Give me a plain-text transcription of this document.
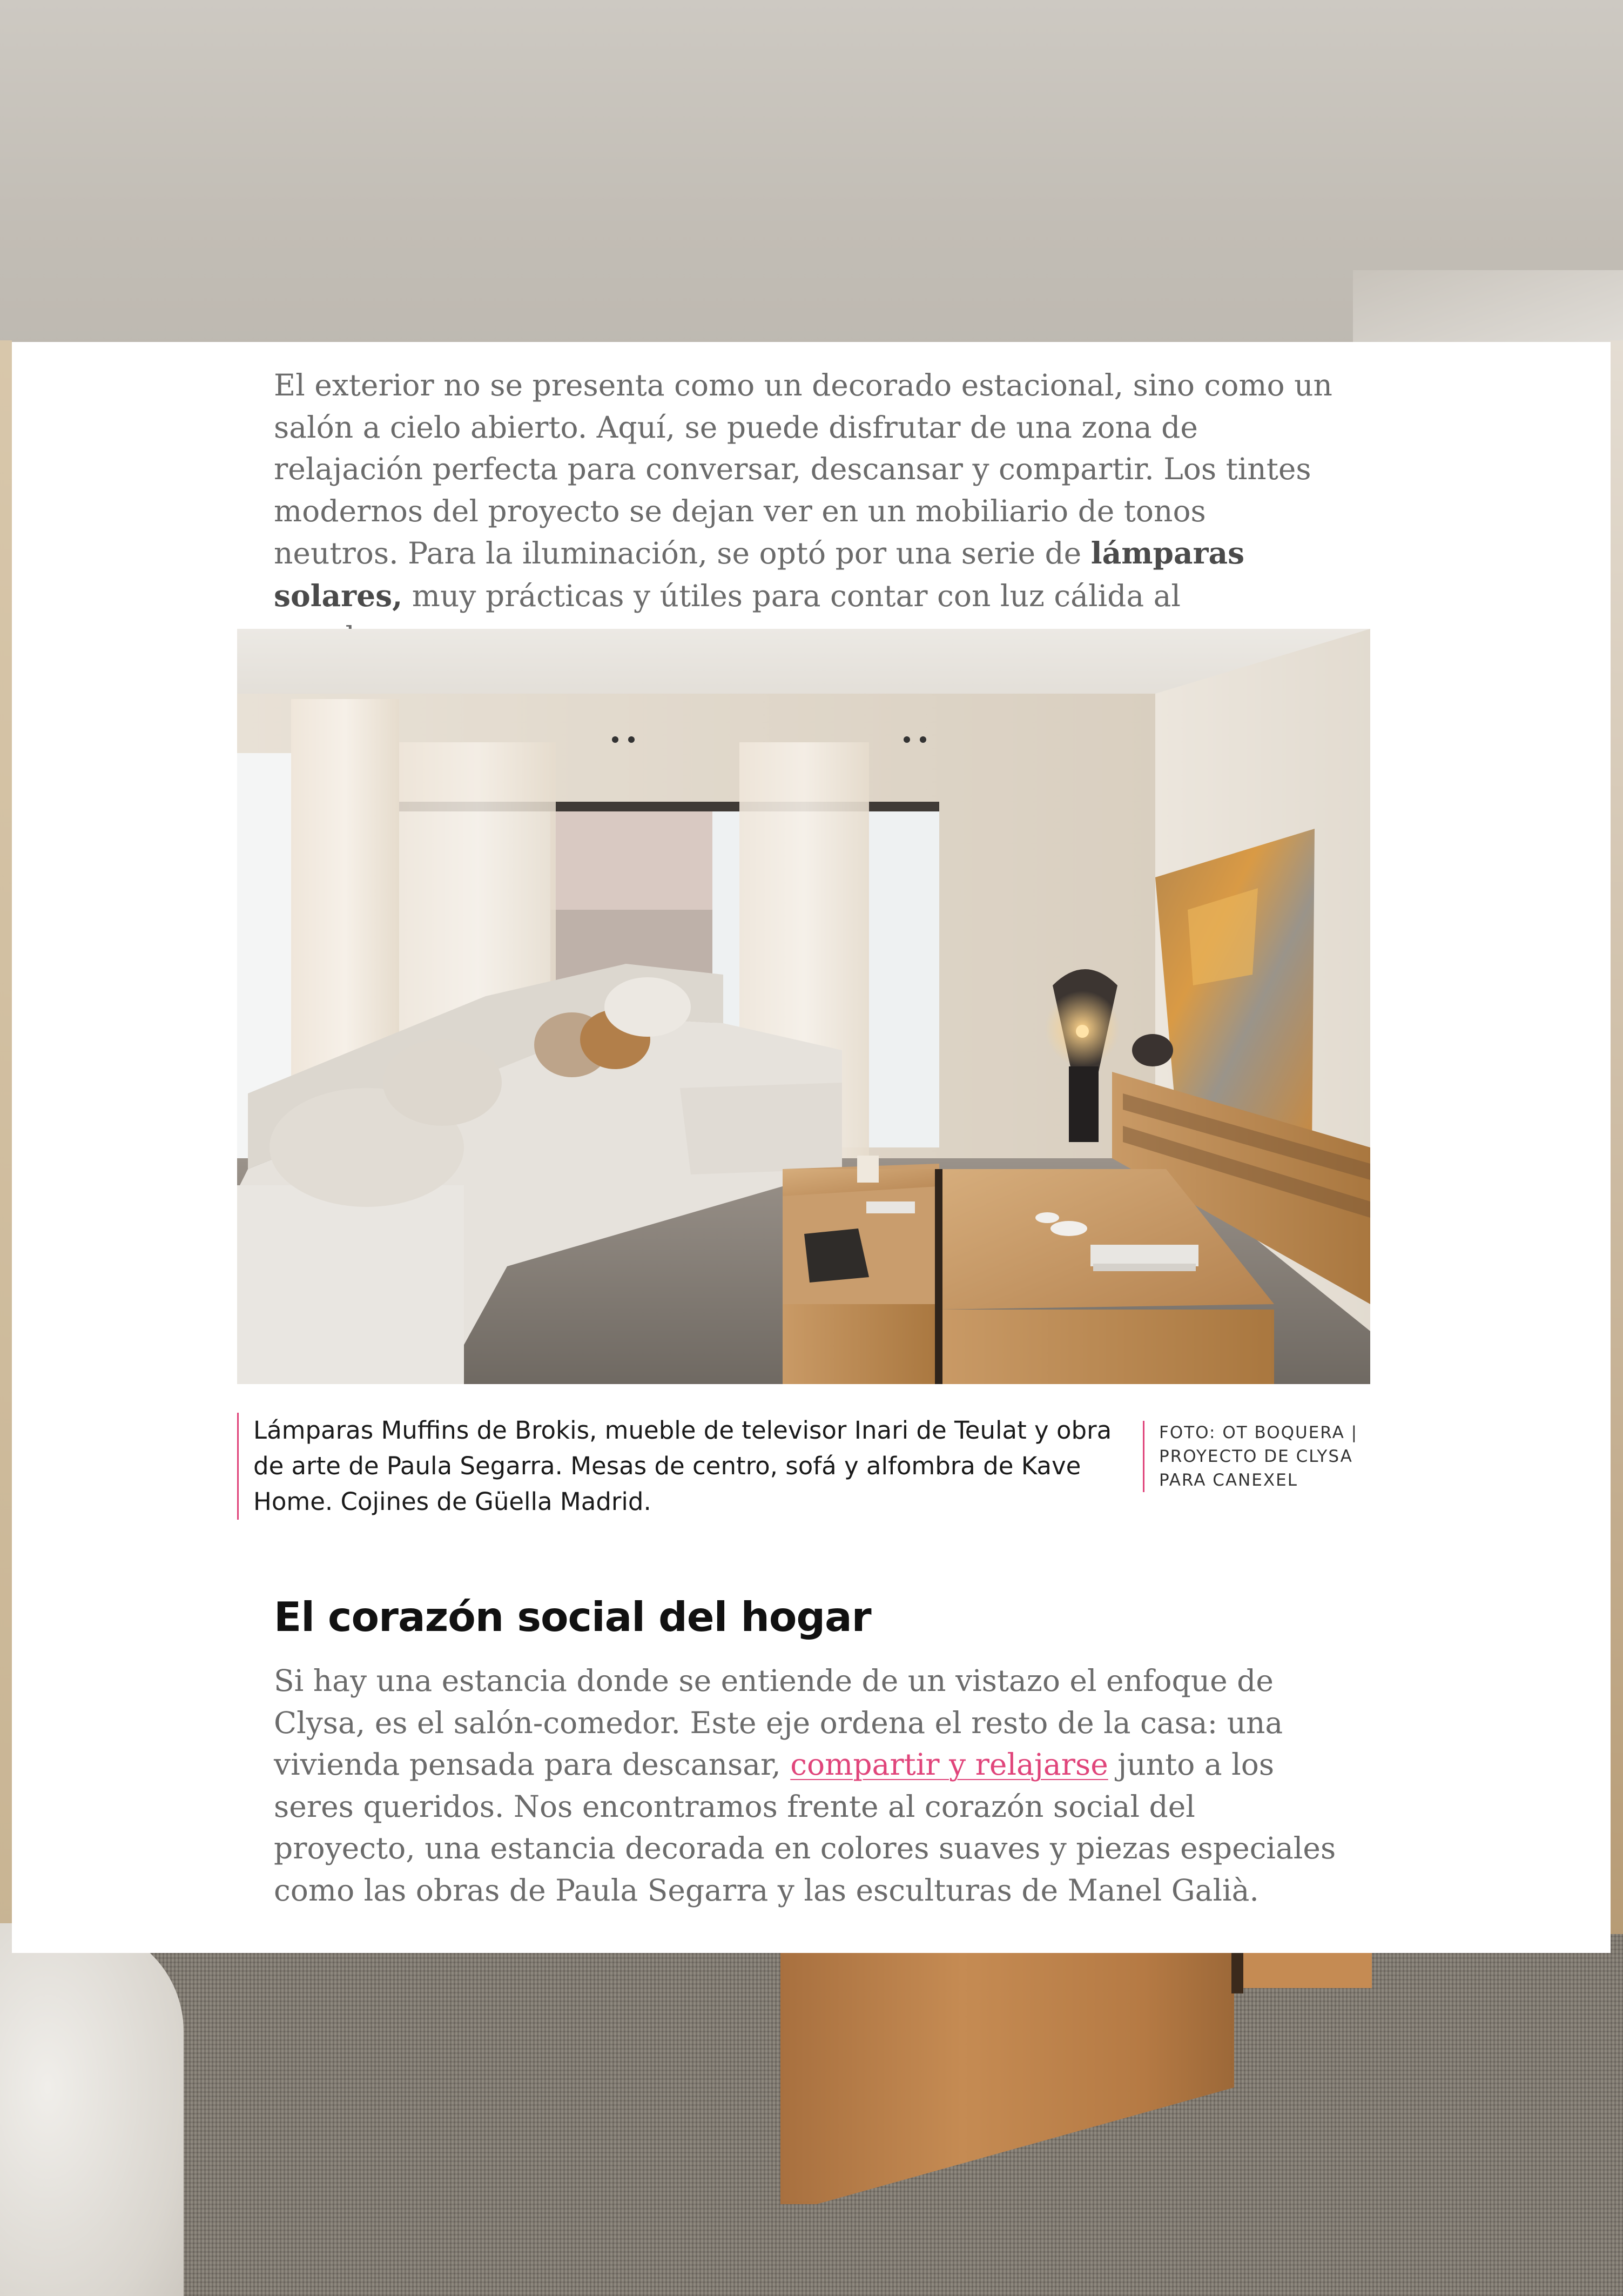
El exterior no se presenta como un decorado estacional, sino como un salón a cielo abierto. Aquí, se puede disfrutar de una zona de relajación perfecta para conversar, descansar y compartir. Los tintes modernos del proyecto se dejan ver en un mobiliario de tonos neutros. Para la iluminación, se optó por una serie de lámparas solares, muy prácticas y útiles para contar con luz cálida al

Lámparas Muffins de Brokis, mueble de televisor Inari de Teulat y obra de arte de Paula Segarra. Mesas de centro, sofá y alfombra de Kave Home. Cojines de Güella Madrid.
FOTO: OT BOQUERA | PROYECTO DE CLYSA PARA CANEXEL
El corazón social del hogar

Si hay una estancia donde se entiende de un vistazo el enfoque de Clysa, es el salón-comedor. Este eje ordena el resto de la casa: una vivienda pensada para descansar, compartir y relajarse junto a los seres queridos. Nos encontramos frente al corazón social del proyecto, una estancia decorada en colores suaves y piezas especiales como las obras de Paula Segarra y las esculturas de Manel Galià.
